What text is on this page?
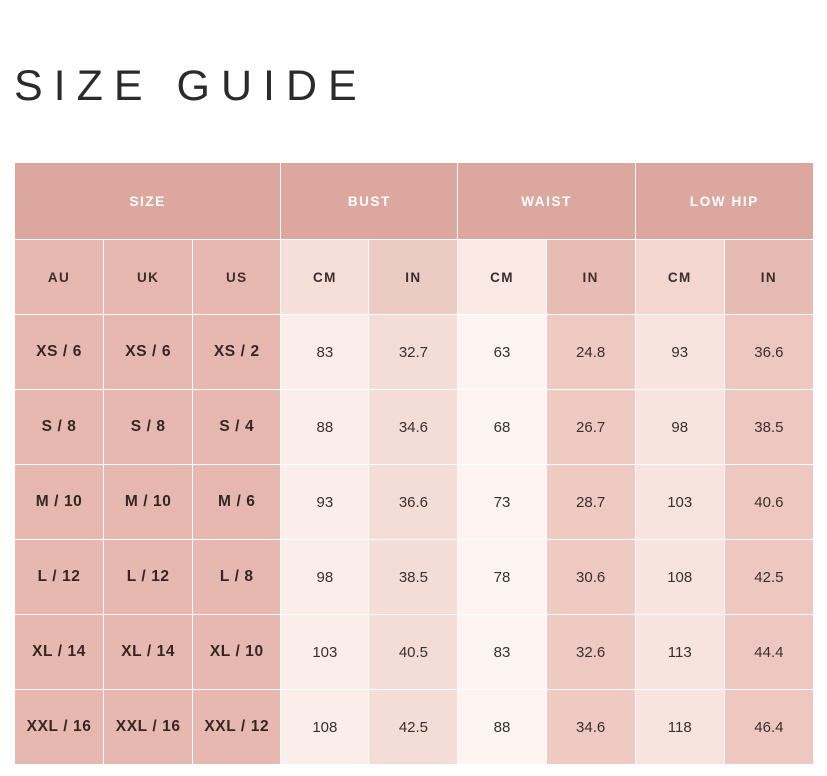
SIZE GUIDE
SIZE			BUST		WAIST		LOW HIP	
AU	UK	US	CM	IN	CM	IN	CM	IN
XS / 6	XS / 6	XS / 2	83	32.7	63	24.8	93	36.6
S / 8	S / 8	S / 4	88	34.6	68	26.7	98	38.5
M / 10	M / 10	M / 6	93	36.6	73	28.7	103	40.6
L / 12	L / 12	L / 8	98	38.5	78	30.6	108	42.5
XL / 14	XL / 14	XL / 10	103	40.5	83	32.6	113	44.4
XXL / 16	XXL / 16	XXL / 12	108	42.5	88	34.6	118	46.4
